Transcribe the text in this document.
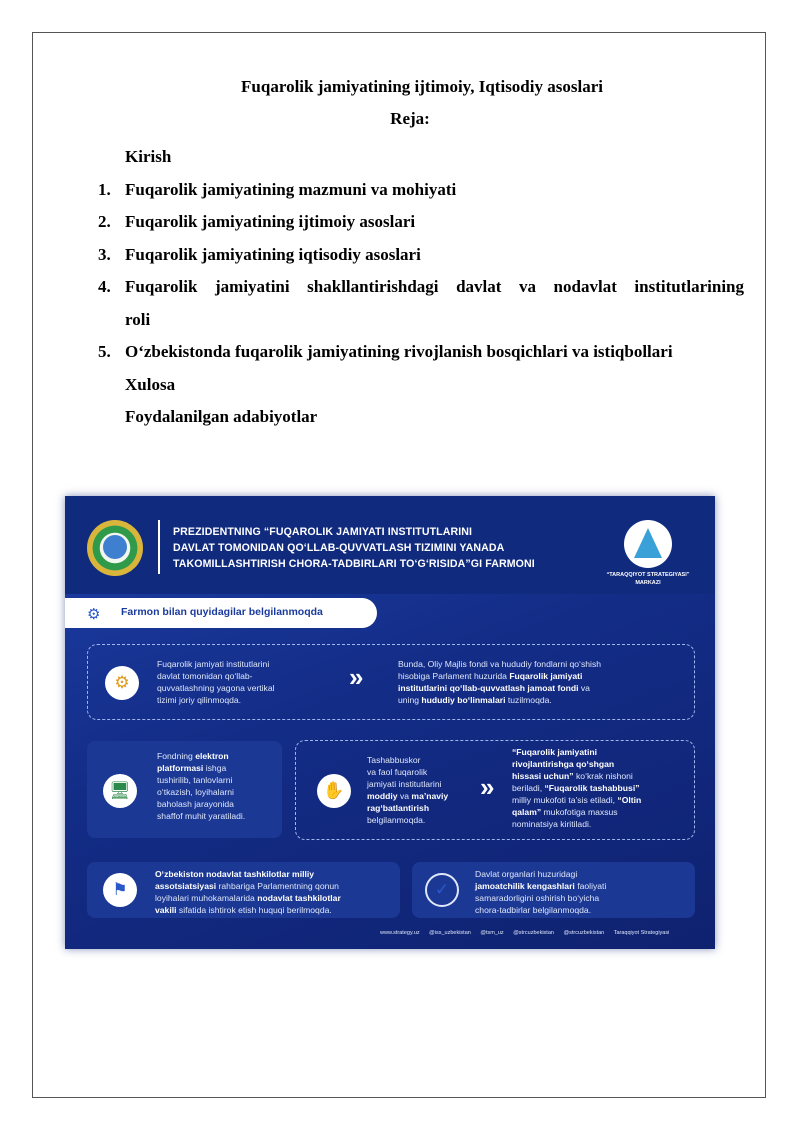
Fuqarolik jamiyatining ijtimoiy, Iqtisodiy asoslari
Reja:
Kirish
1. Fuqarolik jamiyatining mazmuni va mohiyati
2. Fuqarolik jamiyatining ijtimoiy asoslari
3. Fuqarolik jamiyatining iqtisodiy asoslari
4. Fuqarolik jamiyatini shakllantirishdagi davlat va nodavlat institutlarining
roli
5. O‘zbekistonda fuqarolik jamiyatining rivojlanish bosqichlari va istiqbollari
Xulosa
Foydalanilgan adabiyotlar
PREZIDENTNING “FUQAROLIK JAMIYATI INSTITUTLARINI
DAVLAT TOMONIDAN QO‘LLAB-QUVVATLASH TIZIMINI YANADA
TAKOMILLASHTIRISH CHORA-TADBIRLARI TO‘G‘RISIDA”GI FARMONI
“TARAQQIYOT STRATEGIYASI”
MARKAZI
⚙ Farmon bilan quyidagilar belgilanmoqda
⚙
Fuqarolik jamiyati institutlarini
davlat tomonidan qo‘llab-
quvvatlashning yagona vertikal
tizimi joriy qilinmoqda.
»	Bunda, Oliy Majlis fondi va hududiy fondlarni qo‘shish
hisobiga Parlament huzurida Fuqarolik jamiyati
institutlarini qo‘llab-quvvatlash jamoat fondi va
uning hududiy bo‘linmalari tuzilmoqda.
🖥
Fondning elektron
platformasi ishga
tushirilib, tanlovlarni
o‘tkazish, loyihalarni
baholash jarayonida
shaffof muhit yaratiladi.
✋
Tashabbuskor
va faol fuqarolik
jamiyati institutlarini
moddiy va ma’naviy
rag‘batlantirish
belgilanmoqda.
»
“Fuqarolik jamiyatini
rivojlantirishga qo‘shgan
hissasi uchun” ko‘krak nishoni
beriladi, “Fuqarolik tashabbusi”
milliy mukofoti ta’sis etiladi, “Oltin
qalam” mukofotiga maxsus
nominatsiya kiritiladi.
⚑
O‘zbekiston nodavlat tashkilotlar milliy
assotsiatsiyasi rahbariga Parlamentning qonun
loyihalari muhokamalarida nodavlat tashkilotlar
vakili sifatida ishtirok etish huquqi berilmoqda.
✓
Davlat organlari huzuridagi
jamoatchilik kengashlari faoliyati
samaradorligini oshirish bo‘yicha
chora-tadbirlar belgilanmoqda.
www.strategy.uz @iss_uzbekistan @tsm_uz @strcuzbekistan @strcuzbekistan Taraqqiyot Strategiyasi
